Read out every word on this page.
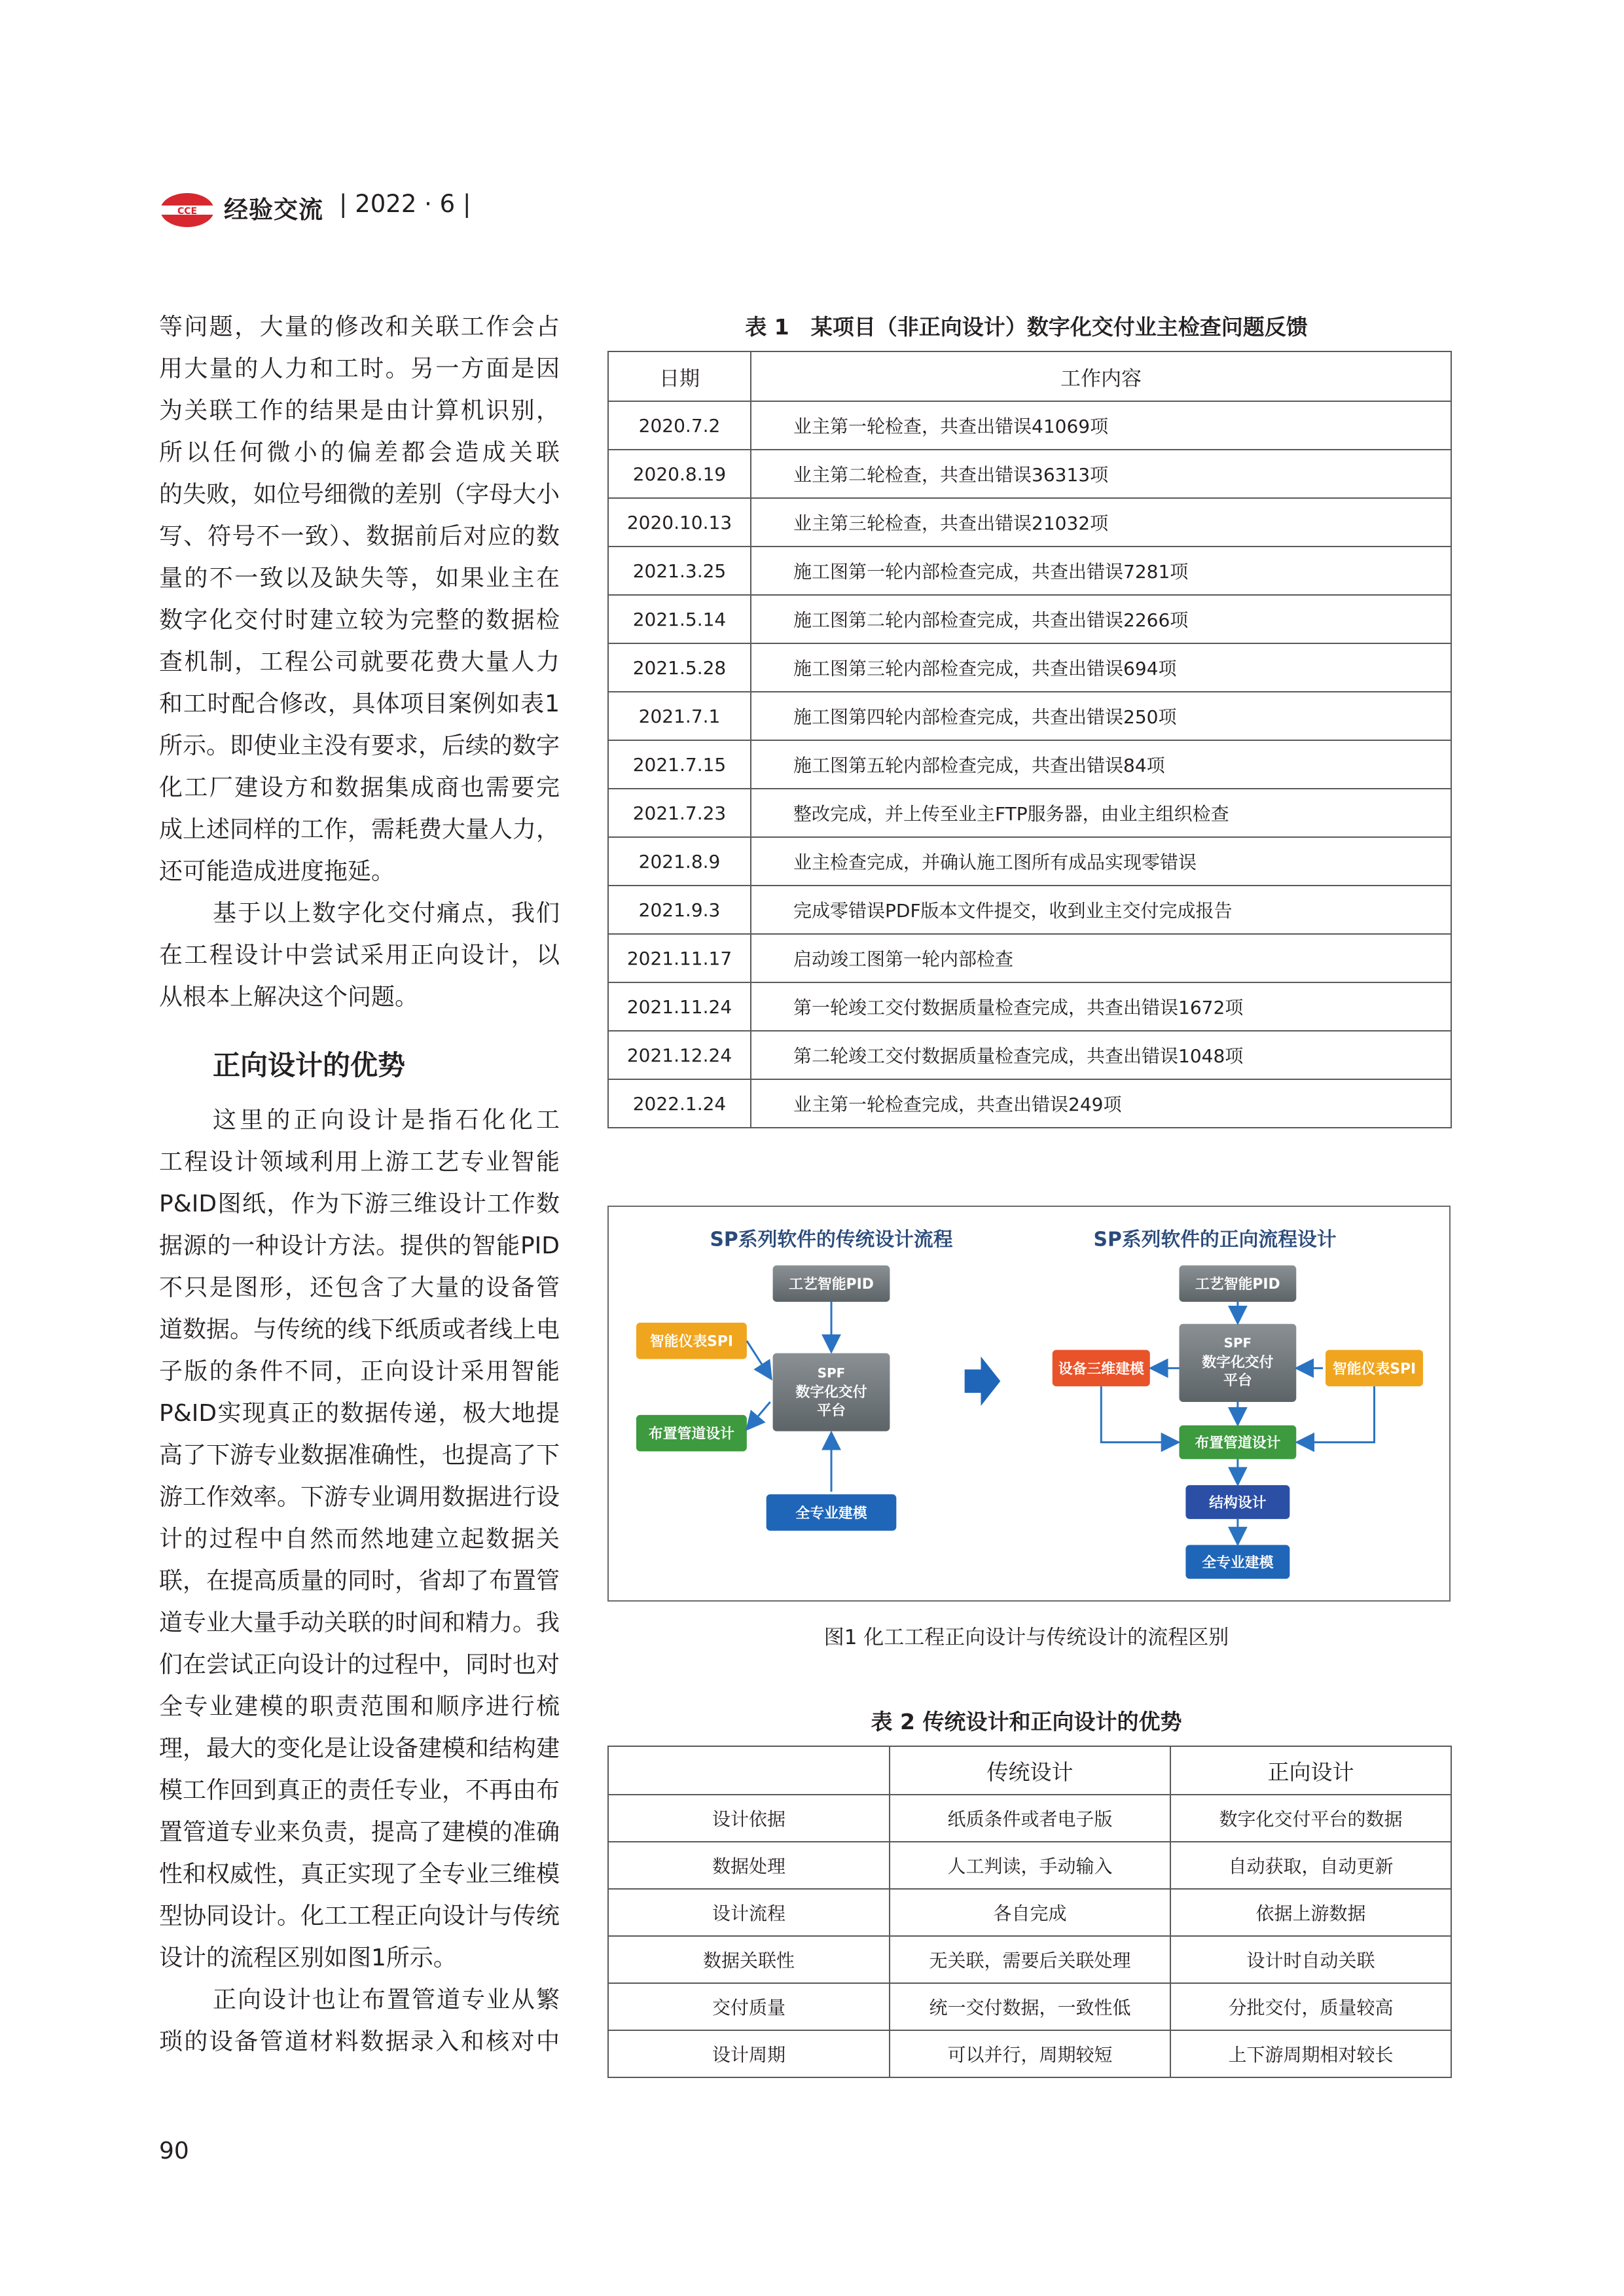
CCE 经验交流 | 2022 · 6 |

等问题，大量的修改和关联工作会占

用大量的人力和工时。另一方面是因

为关联工作的结果是由计算机识别，

所以任何微小的偏差都会造成关联

的失败，如位号细微的差别（字母大小

写、符号不一致）、数据前后对应的数

量的不一致以及缺失等，如果业主在

数字化交付时建立较为完整的数据检

查机制，工程公司就要花费大量人力

和工时配合修改，具体项目案例如表1

所示。即使业主没有要求，后续的数字

化工厂建设方和数据集成商也需要完

成上述同样的工作，需耗费大量人力，

还可能造成进度拖延。

基于以上数字化交付痛点，我们

在工程设计中尝试采用正向设计，以

从根本上解决这个问题。

正向设计的优势

这里的正向设计是指石化化工

工程设计领域利用上游工艺专业智能

P&ID图纸，作为下游三维设计工作数

据源的一种设计方法。提供的智能PID

不只是图形，还包含了大量的设备管

道数据。与传统的线下纸质或者线上电

子版的条件不同，正向设计采用智能

P&ID实现真正的数据传递，极大地提

高了下游专业数据准确性，也提高了下

游工作效率。下游专业调用数据进行设

计的过程中自然而然地建立起数据关

联，在提高质量的同时，省却了布置管

道专业大量手动关联的时间和精力。我

们在尝试正向设计的过程中，同时也对

全专业建模的职责范围和顺序进行梳

理，最大的变化是让设备建模和结构建

模工作回到真正的责任专业，不再由布

置管道专业来负责，提高了建模的准确

性和权威性，真正实现了全专业三维模

型协同设计。化工工程正向设计与传统

设计的流程区别如图1所示。

正向设计也让布置管道专业从繁

琐的设备管道材料数据录入和核对中

表 1　某项目（非正向设计）数字化交付业主检查问题反馈
日期	工作内容
2020.7.2	业主第一轮检查，共查出错误41069项
2020.8.19	业主第二轮检查，共查出错误36313项
2020.10.13	业主第三轮检查，共查出错误21032项
2021.3.25	施工图第一轮内部检查完成，共查出错误7281项
2021.5.14	施工图第二轮内部检查完成，共查出错误2266项
2021.5.28	施工图第三轮内部检查完成，共查出错误694项
2021.7.1	施工图第四轮内部检查完成，共查出错误250项
2021.7.15	施工图第五轮内部检查完成，共查出错误84项
2021.7.23	整改完成，并上传至业主FTP服务器，由业主组织检查
2021.8.9	业主检查完成，并确认施工图所有成品实现零错误
2021.9.3	完成零错误PDF版本文件提交，收到业主交付完成报告
2021.11.17	启动竣工图第一轮内部检查
2021.11.24	第一轮竣工交付数据质量检查完成，共查出错误1672项
2021.12.24	第二轮竣工交付数据质量检查完成，共查出错误1048项
2022.1.24	业主第一轮检查完成，共查出错误249项
SP系列软件的传统设计流程
工艺智能PID
智能仪表SPI
SPF
数字化交付
平台
布置管道设计
全专业建模
SP系列软件的正向流程设计
工艺智能PID
设备三维建模
SPF
数字化交付
平台
智能仪表SPI
布置管道设计
结构设计
全专业建模
图1 化工工程正向设计与传统设计的流程区别
表 2 传统设计和正向设计的优势
	传统设计	正向设计
设计依据	纸质条件或者电子版	数字化交付平台的数据
数据处理	人工判读，手动输入	自动获取，自动更新
设计流程	各自完成	依据上游数据
数据关联性	无关联，需要后关联处理	设计时自动关联
交付质量	统一交付数据，一致性低	分批交付，质量较高
设计周期	可以并行，周期较短	上下游周期相对较长
90
